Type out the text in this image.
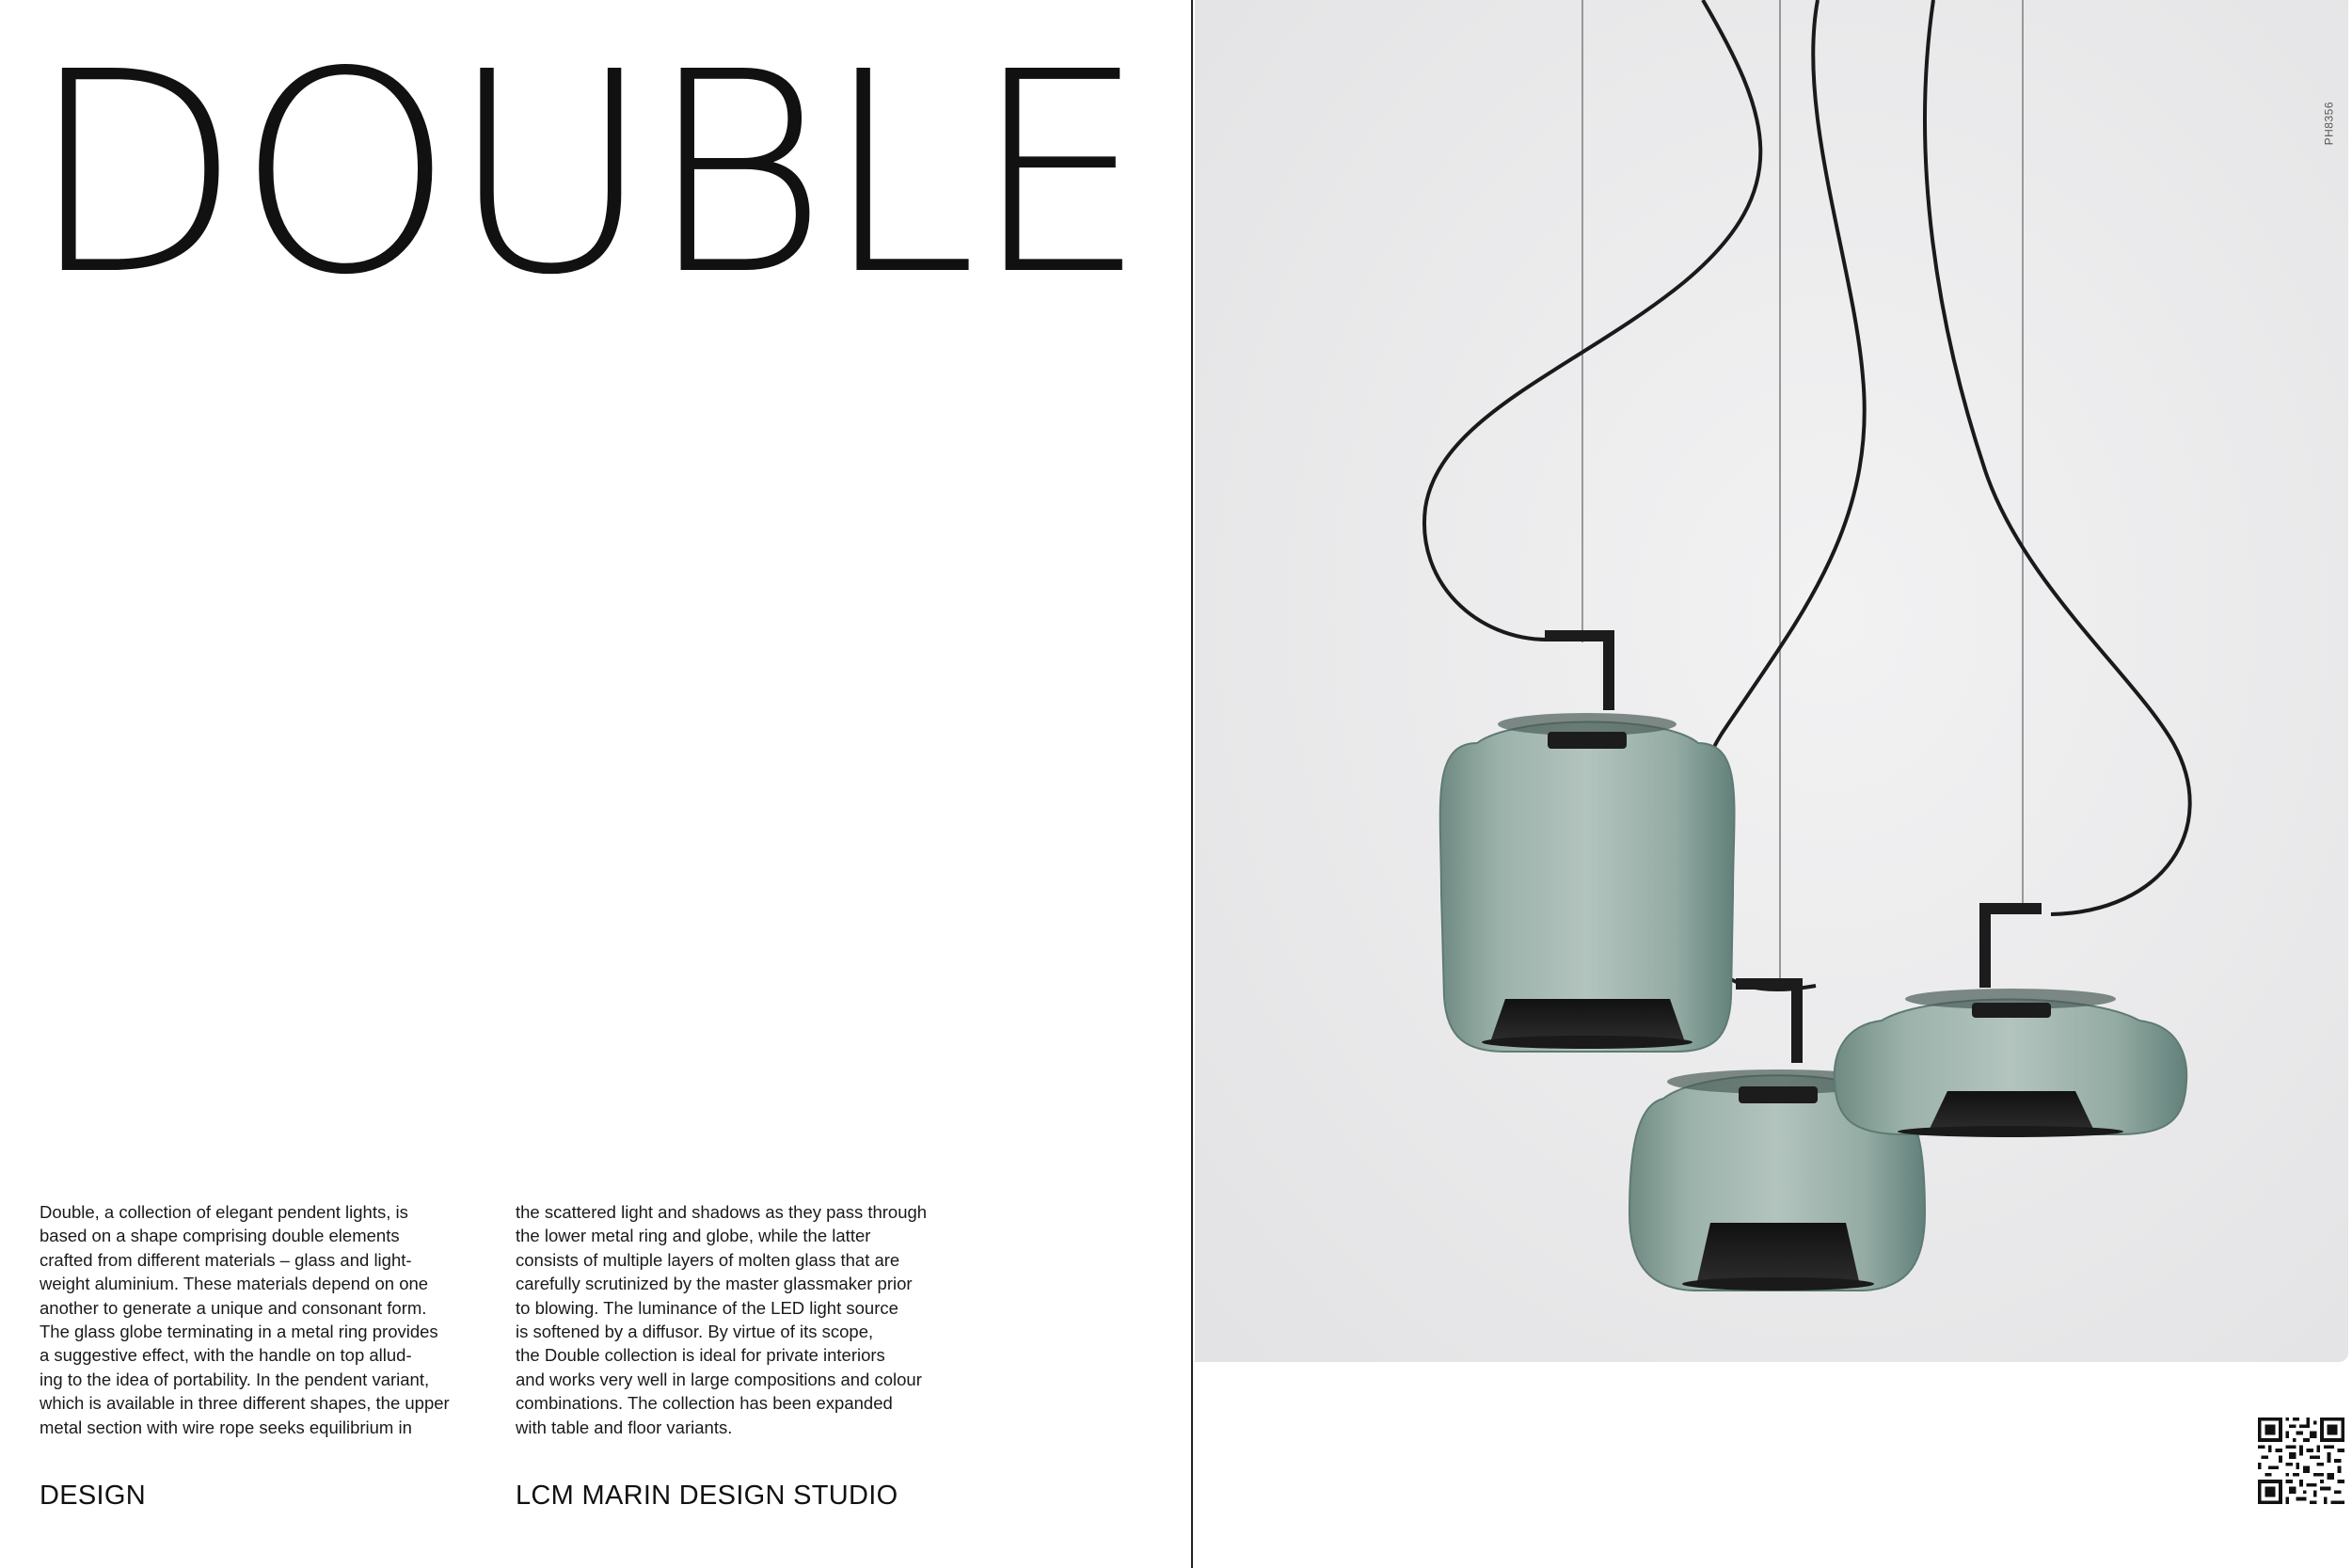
DOUBLE

Double, a collection of elegant pendent lights, is

based on a shape comprising double elements

crafted from different materials – glass and light-

weight aluminium. These materials depend on one

another to generate a unique and consonant form.

The glass globe terminating in a metal ring provides

a suggestive effect, with the handle on top allud-

ing to the idea of portability. In the pendent variant,

which is available in three different shapes, the upper

metal section with wire rope seeks equilibrium in

the scattered light and shadows as they pass through

the lower metal ring and globe, while the latter

consists of multiple layers of molten glass that are

carefully scrutinized by the master glassmaker prior

to blowing. The luminance of the LED light source

is softened by a diffusor. By virtue of its scope,

the Double collection is ideal for private interiors

and works very well in large compositions and colour

combinations. The collection has been expanded

with table and floor variants.

DESIGN	LCM MARIN DESIGN STUDIO

PH8356
